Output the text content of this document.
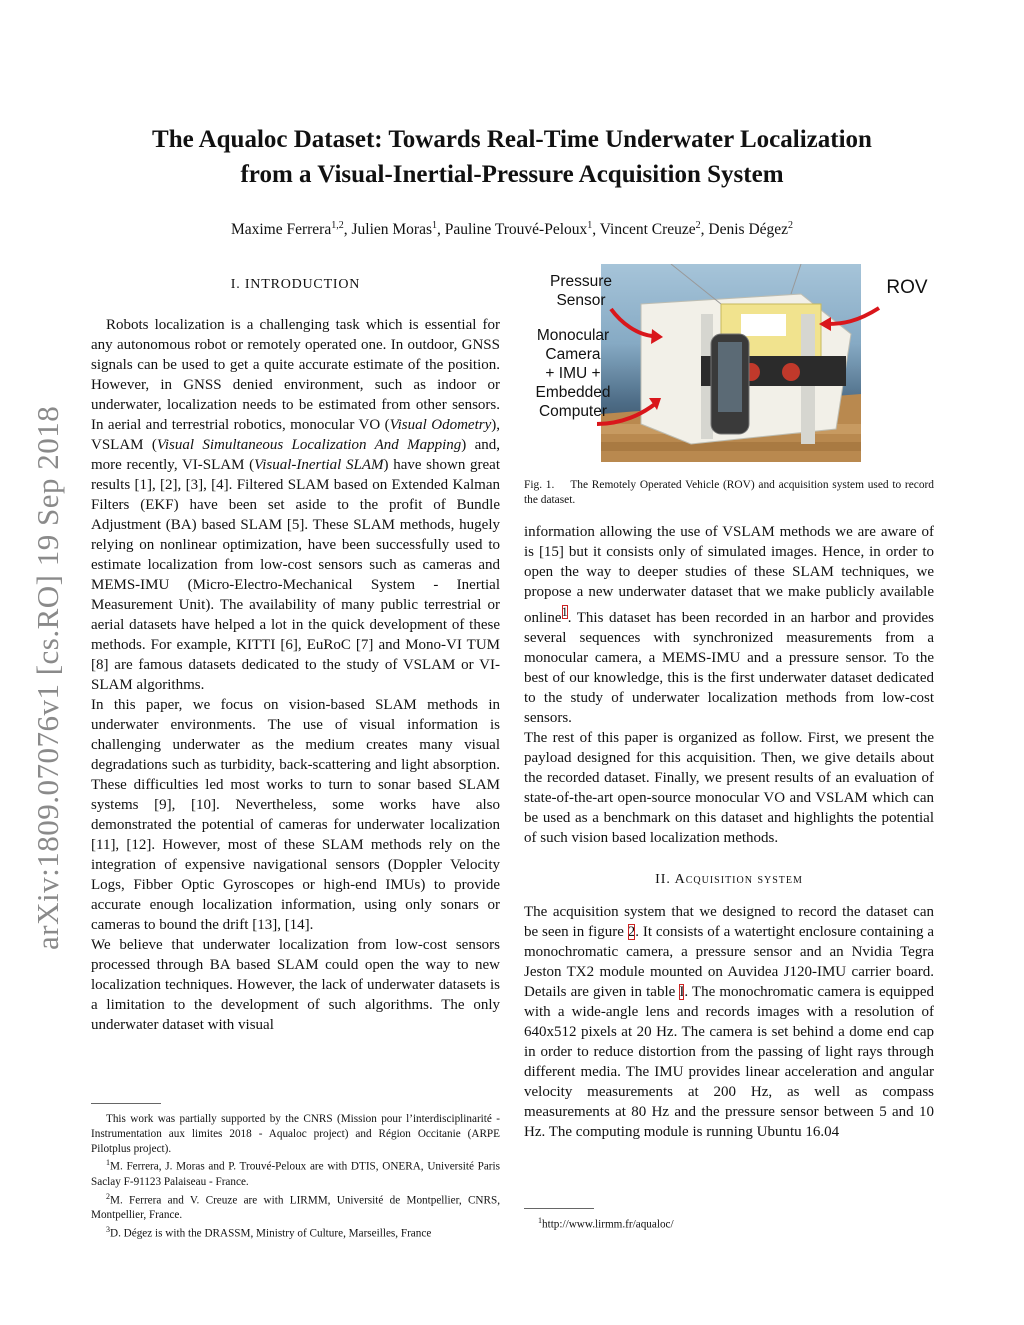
arXiv:1809.07076v1 [cs.RO] 19 Sep 2018
The Aqualoc Dataset: Towards Real-Time Underwater Localization
from a Visual-Inertial-Pressure Acquisition System
Maxime Ferrera$^{1,2}$, Julien Moras$^1$, Pauline Trouvé-Peloux$^1$, Vincent Creuze$^2$, Denis Dégez$^2$

I. INTRODUCTION

Robots localization is a challenging task which is essential for any autonomous robot or remotely operated one. In outdoor, GNSS signals can be used to get a quite accurate estimate of the position. However, in GNSS denied environment, such as indoor or underwater, localization needs to be estimated from other sensors. In aerial and terrestrial robotics, monocular VO (Visual Odometry), VSLAM (Visual Simultaneous Localization And Mapping) and, more recently, VI-SLAM (Visual-Inertial SLAM) have shown great results [1], [2], [3], [4]. Filtered SLAM based on Extended Kalman Filters (EKF) have been set aside to the profit of Bundle Adjustment (BA) based SLAM [5]. These SLAM methods, hugely relying on nonlinear optimization, have been successfully used to estimate localization from low-cost sensors such as cameras and MEMS-IMU (Micro-Electro-Mechanical System - Inertial Measurement Unit). The availability of many public terrestrial or aerial datasets have helped a lot in the quick development of these methods. For example, KITTI [6], EuRoC [7] and Mono-VI TUM [8] are famous datasets dedicated to the study of VSLAM or VI-SLAM algorithms.

In this paper, we focus on vision-based SLAM methods in underwater environments. The use of visual information is challenging underwater as the medium creates many visual degradations such as turbidity, back-scattering and light absorption. These difficulties led most works to turn to sonar based SLAM systems [9], [10]. Nevertheless, some works have also demonstrated the potential of cameras for underwater localization [11], [12]. However, most of these SLAM methods rely on the integration of expensive navigational sensors (Doppler Velocity Logs, Fibber Optic Gyroscopes or high-end IMUs) to provide accurate enough localization information, using only sonars or cameras to bound the drift [13], [14].

We believe that underwater localization from low-cost sensors processed through BA based SLAM could open the way to new localization techniques. However, the lack of underwater datasets is a limitation to the development of such algorithms. The only underwater dataset with visual

This work was partially supported by the CNRS (Mission pour l’interdisciplinarité - Instrumentation aux limites 2018 - Aqualoc project) and Région Occitanie (ARPE Pilotplus project).

$^1$M. Ferrera, J. Moras and P. Trouvé-Peloux are with DTIS, ONERA, Université Paris Saclay F-91123 Palaiseau - France.

$^2$M. Ferrera and V. Creuze are with LIRMM, Université de Montpellier, CNRS, Montpellier, France.

$^3$D. Dégez is with the DRASSM, Ministry of Culture, Marseilles, France

Pressure
Sensor
Monocular
Camera
+ IMU +
Embedded
Computer
ROV
Fig. 1. The Remotely Operated Vehicle (ROV) and acquisition system used to record the dataset.

information allowing the use of VSLAM methods we are aware of is [15] but it consists only of simulated images. Hence, in order to open the way to deeper studies of these SLAM techniques, we propose a new underwater dataset that we make publicly available online$^1$. This dataset has been recorded in an harbor and provides several sequences with synchronized measurements from a monocular camera, a MEMS-IMU and a pressure sensor. To the best of our knowledge, this is the first underwater dataset dedicated to the study of underwater localization methods from low-cost sensors.

The rest of this paper is organized as follow. First, we present the payload designed for this acquisition. Then, we give details about the recorded dataset. Finally, we present results of an evaluation of state-of-the-art open-source monocular VO and VSLAM which can be used as a benchmark on this dataset and highlights the potential of such vision based localization methods.

II. Acquisition system

The acquisition system that we designed to record the dataset can be seen in figure 2. It consists of a watertight enclosure containing a monochromatic camera, a pressure sensor and an Nvidia Tegra Jeston TX2 module mounted on Auvidea J120-IMU carrier board. Details are given in table I. The monochromatic camera is equipped with a wide-angle lens and records images with a resolution of 640x512 pixels at 20 Hz. The camera is set behind a dome end cap in order to reduce distortion from the passing of light rays through different media. The IMU provides linear acceleration and angular velocity measurements at 200 Hz, as well as compass measurements at 80 Hz and the pressure sensor between 5 and 10 Hz. The computing module is running Ubuntu 16.04

$^1$http://www.lirmm.fr/aqualoc/
